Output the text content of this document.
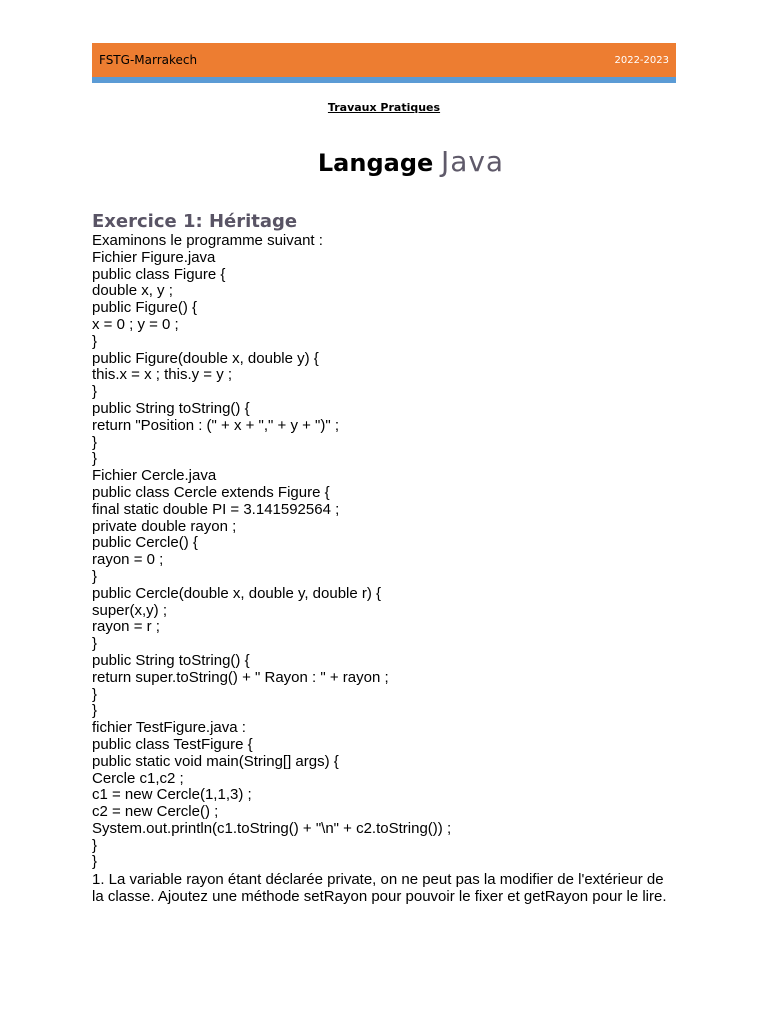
FSTG-Marrakech	2022-2023
Travaux Pratiques
Langage Java
Exercice 1: Héritage
Examinons le programme suivant :
Fichier Figure.java
public class Figure {
double x, y ;
public Figure() {
x = 0 ; y = 0 ;
}
public Figure(double x, double y) {
this.x = x ; this.y = y ;
}
public String toString() {
return "Position : (" + x + "," + y + ")" ;
}
}
Fichier Cercle.java
public class Cercle extends Figure {
final static double PI = 3.141592564 ;
private double rayon ;
public Cercle() {
rayon = 0 ;
}
public Cercle(double x, double y, double r) {
super(x,y) ;
rayon = r ;
}
public String toString() {
return super.toString() + " Rayon : " + rayon ;
}
}
fichier TestFigure.java :
public class TestFigure {
public static void main(String[] args) {
Cercle c1,c2 ;
c1 = new Cercle(1,1,3) ;
c2 = new Cercle() ;
System.out.println(c1.toString() + "\n" + c2.toString()) ;
}
}
1. La variable rayon étant déclarée private, on ne peut pas la modifier de l'extérieur de la classe. Ajoutez une méthode setRayon pour pouvoir le fixer et getRayon pour le lire.
